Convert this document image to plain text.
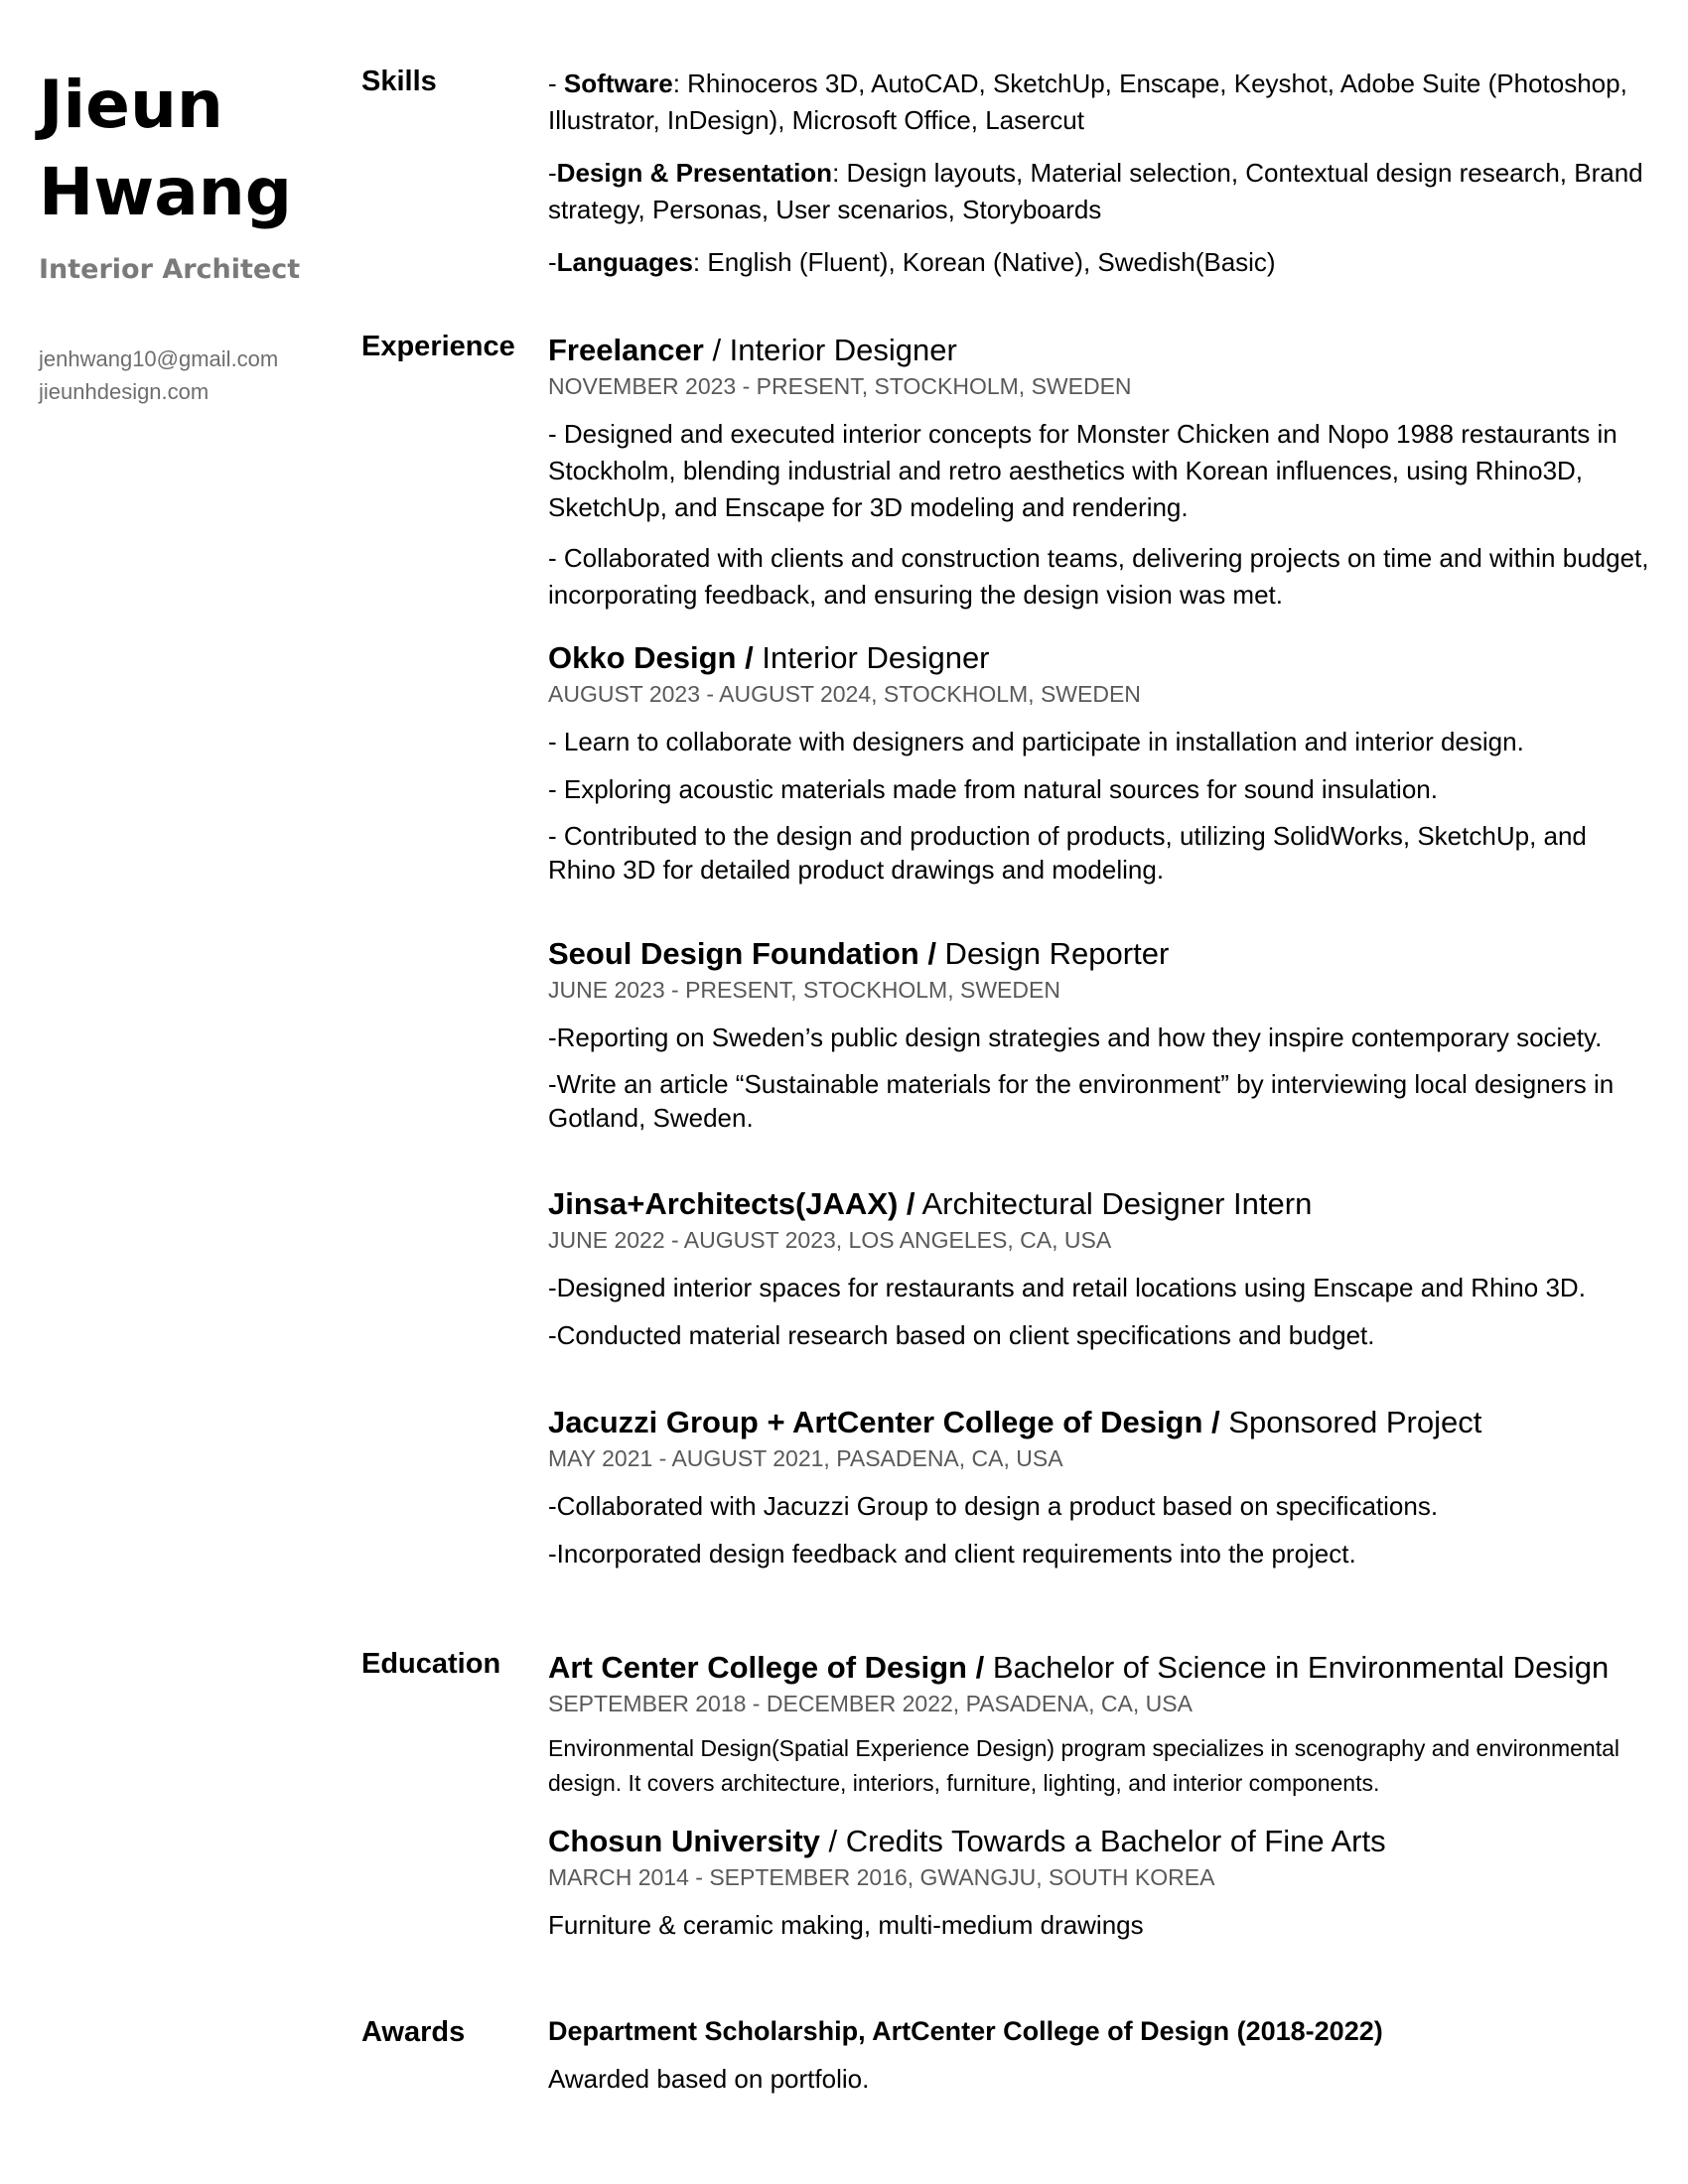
Jieun
Hwang
Interior Architect
jenhwang10@gmail.com
jieunhdesign.com
Skills	- Software: Rhinoceros 3D, AutoCAD, SketchUp, Enscape, Keyshot, Adobe Suite (Photoshop, Illustrator, InDesign), Microsoft Office, Lasercut

-Design & Presentation: Design layouts, Material selection, Contextual design research, Brand strategy, Personas, User scenarios, Storyboards

-Languages: English (Fluent), Korean (Native), Swedish(Basic)

Experience Freelancer / Interior Designer

NOVEMBER 2023 - PRESENT, STOCKHOLM, SWEDEN

- Designed and executed interior concepts for Monster Chicken and Nopo 1988 restaurants in Stockholm, blending industrial and retro aesthetics with Korean influences, using Rhino3D, SketchUp, and Enscape for 3D modeling and rendering.

- Collaborated with clients and construction teams, delivering projects on time and within budget, incorporating feedback, and ensuring the design vision was met.

Okko Design / Interior Designer

AUGUST 2023 - AUGUST 2024, STOCKHOLM, SWEDEN

- Learn to collaborate with designers and participate in installation and interior design.

- Exploring acoustic materials made from natural sources for sound insulation.

- Contributed to the design and production of products, utilizing SolidWorks, SketchUp, and Rhino 3D for detailed product drawings and modeling.

Seoul Design Foundation / Design Reporter

JUNE 2023 - PRESENT, STOCKHOLM, SWEDEN

-Reporting on Sweden’s public design strategies and how they inspire contemporary society.

-Write an article “Sustainable materials for the environment” by interviewing local designers in Gotland, Sweden.

Jinsa+Architects(JAAX) / Architectural Designer Intern

JUNE 2022 - AUGUST 2023, LOS ANGELES, CA, USA

-Designed interior spaces for restaurants and retail locations using Enscape and Rhino 3D.

-Conducted material research based on client specifications and budget.

Jacuzzi Group + ArtCenter College of Design / Sponsored Project

MAY 2021 - AUGUST 2021, PASADENA, CA, USA

-Collaborated with Jacuzzi Group to design a product based on specifications.

-Incorporated design feedback and client requirements into the project.

Education Art Center College of Design / Bachelor of Science in Environmental Design

SEPTEMBER 2018 - DECEMBER 2022, PASADENA, CA, USA

Environmental Design(Spatial Experience Design) program specializes in scenography and environmental design. It covers architecture, interiors, furniture, lighting, and interior components.

Chosun University / Credits Towards a Bachelor of Fine Arts

MARCH 2014 - SEPTEMBER 2016, GWANGJU, SOUTH KOREA

Furniture & ceramic making, multi-medium drawings

Awards	Department Scholarship, ArtCenter College of Design (2018-2022)

Awarded based on portfolio.
